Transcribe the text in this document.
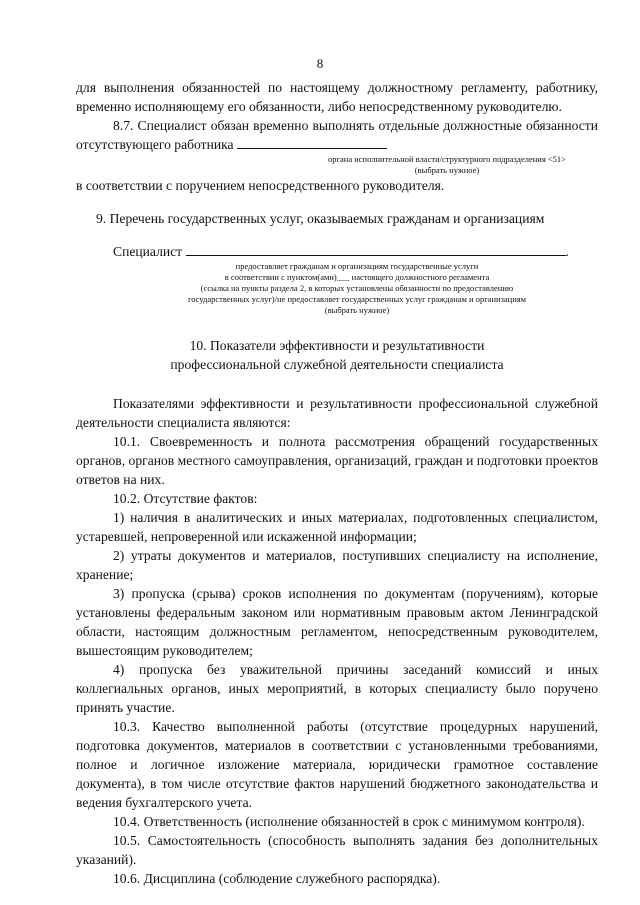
8

для выполнения обязанностей по настоящему должностному регламенту, работнику, временно исполняющему его обязанности, либо непосредственному руководителю.

8.7. Специалист обязан временно выполнять отдельные должностные обязанности отсутствующего работника

органа исполнительной власти/структурного подразделения <51>

(выбрать нужное)

в соответствии с поручением непосредственного руководителя.

9. Перечень государственных услуг, оказываемых гражданам и организациям

Специалист	.

предоставляет гражданам и организациям государственные услуги

в соответствии с пунктом(ами)___ настоящего должностного регламента

(ссылка на пункты раздела 2, в которых установлены обязанности по предоставлению

государственных услуг)/не предоставляет государственных услуг гражданам и организациям

(выбрать нужное)

10. Показатели эффективности и результативности

профессиональной служебной деятельности специалиста

Показателями эффективности и результативности профессиональной служебной деятельности специалиста являются:

10.1. Своевременность и полнота рассмотрения обращений государственных органов, органов местного самоуправления, организаций, граждан и подготовки проектов ответов на них.

10.2. Отсутствие фактов:

1) наличия в аналитических и иных материалах, подготовленных специалистом, устаревшей, непроверенной или искаженной информации;

2) утраты документов и материалов, поступивших специалисту на исполнение, хранение;

3) пропуска (срыва) сроков исполнения по документам (поручениям), которые установлены федеральным законом или нормативным правовым актом Ленинградской области, настоящим должностным регламентом, непосредственным руководителем, вышестоящим руководителем;

4) пропуска без уважительной причины заседаний комиссий и иных коллегиальных органов, иных мероприятий, в которых специалисту было поручено принять участие.

10.3. Качество выполненной работы (отсутствие процедурных нарушений, подготовка документов, материалов в соответствии с установленными требованиями, полное и логичное изложение материала, юридически грамотное составление документа), в том числе отсутствие фактов нарушений бюджетного законодательства и ведения бухгалтерского учета.

10.4. Ответственность (исполнение обязанностей в срок с минимумом контроля).

10.5. Самостоятельность (способность выполнять задания без дополнительных указаний).

10.6. Дисциплина (соблюдение служебного распорядка).
